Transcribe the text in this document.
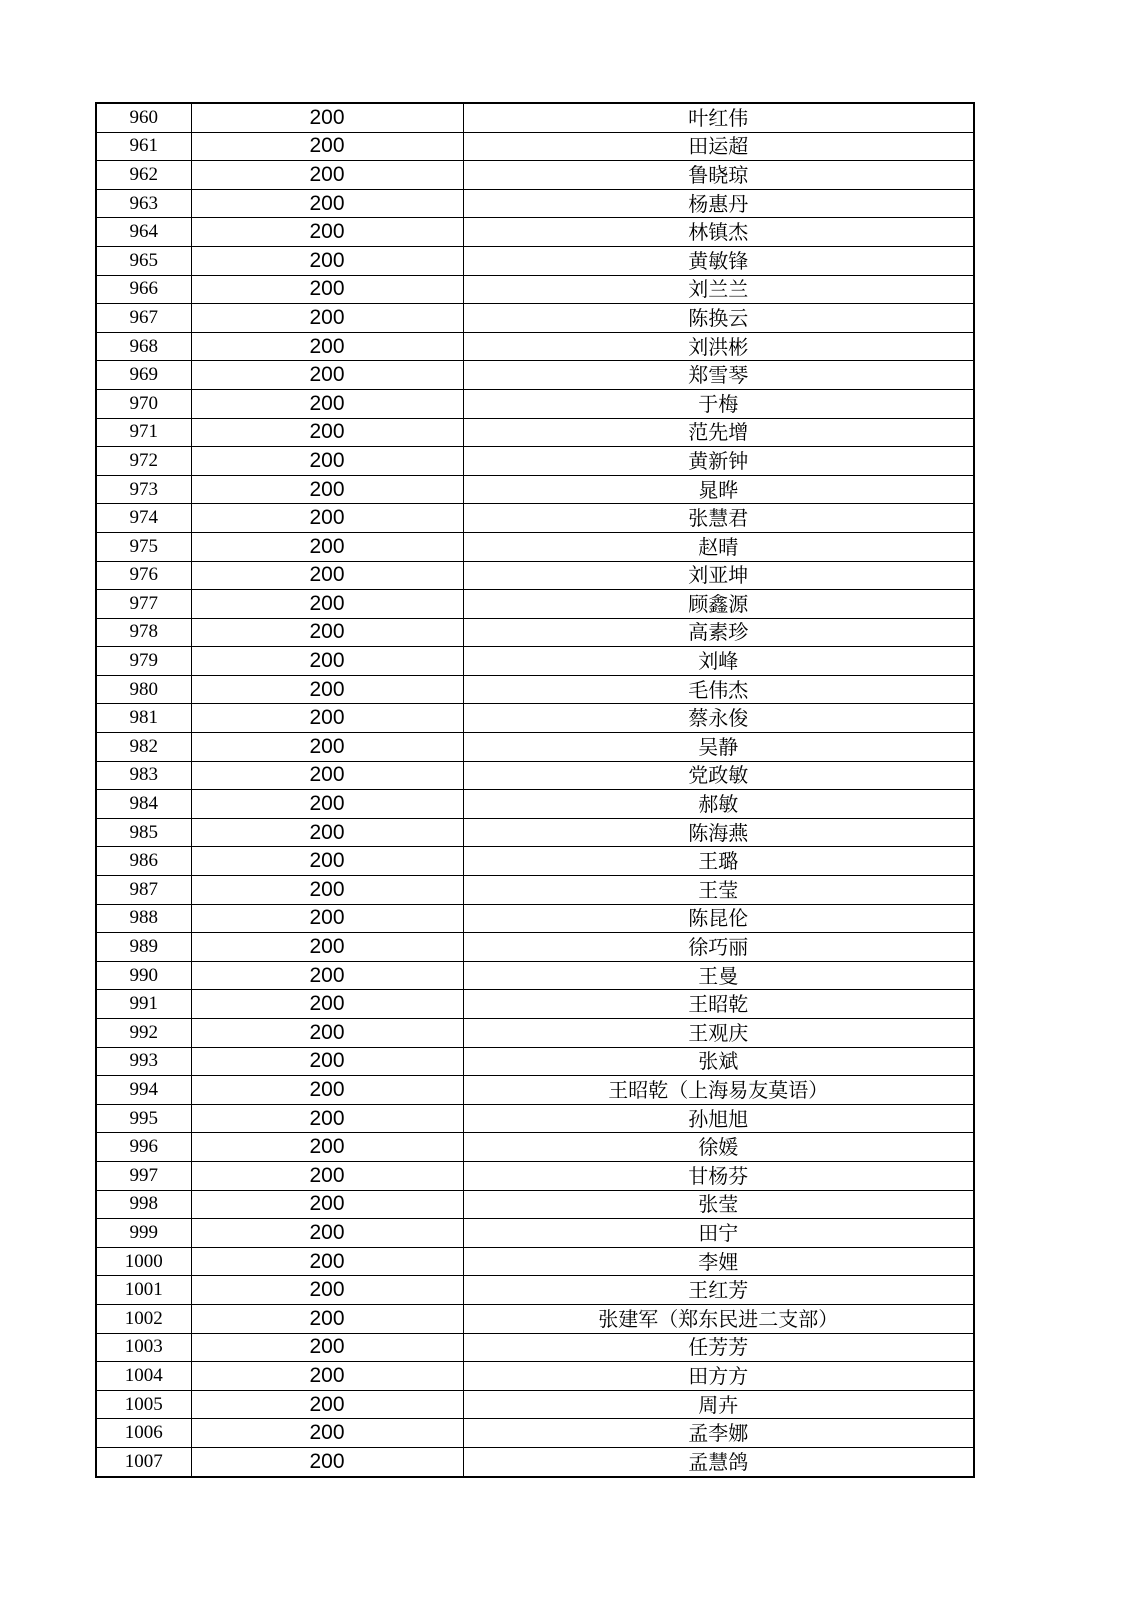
960	200	叶红伟
961	200	田运超
962	200	鲁晓琼
963	200	杨惠丹
964	200	林镇杰
965	200	黄敏锋
966	200	刘兰兰
967	200	陈换云
968	200	刘洪彬
969	200	郑雪琴
970	200	于梅
971	200	范先增
972	200	黄新钟
973	200	晁晔
974	200	张慧君
975	200	赵晴
976	200	刘亚坤
977	200	顾鑫源
978	200	高素珍
979	200	刘峰
980	200	毛伟杰
981	200	蔡永俊
982	200	吴静
983	200	党政敏
984	200	郝敏
985	200	陈海燕
986	200	王璐
987	200	王莹
988	200	陈昆伦
989	200	徐巧丽
990	200	王曼
991	200	王昭乾
992	200	王观庆
993	200	张斌
994	200	王昭乾（上海易友莫语）
995	200	孙旭旭
996	200	徐媛
997	200	甘杨芬
998	200	张莹
999	200	田宁
1000	200	李娌
1001	200	王红芳
1002	200	张建军（郑东民进二支部）
1003	200	任芳芳
1004	200	田方方
1005	200	周卉
1006	200	孟李娜
1007	200	孟慧鸽
